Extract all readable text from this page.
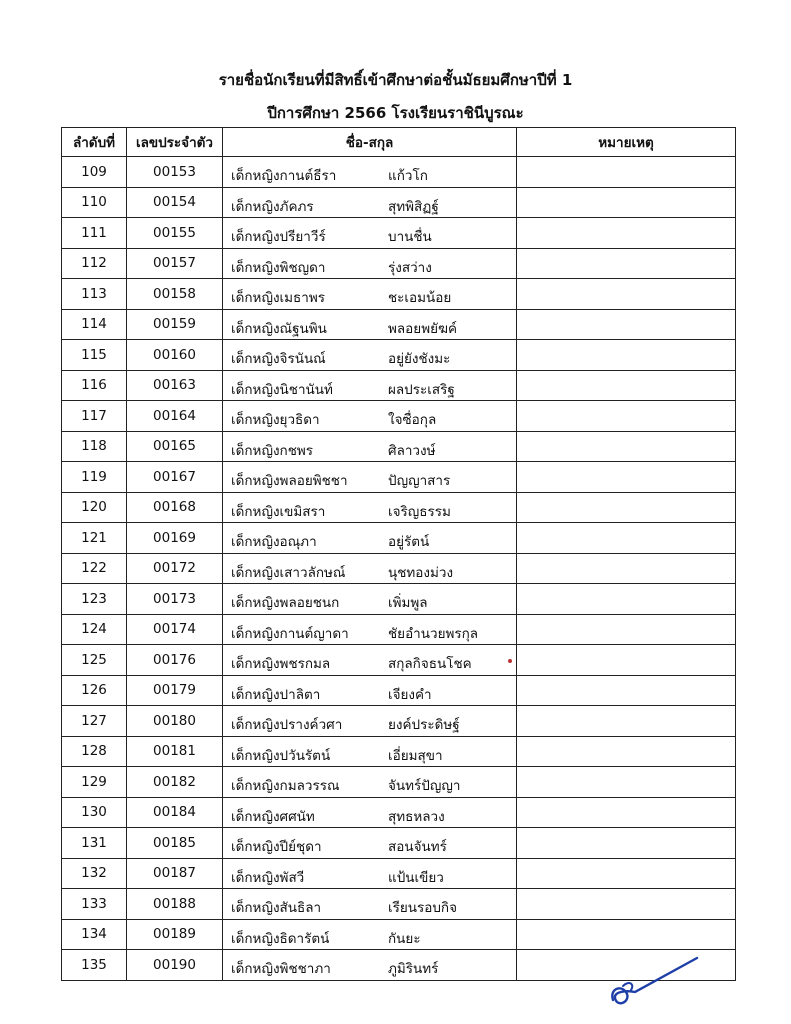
รายชื่อนักเรียนที่มีสิทธิ์เข้าศึกษาต่อชั้นมัธยมศึกษาปีที่ 1
ปีการศึกษา 2566 โรงเรียนราชินีบูรณะ
ลำดับที่	เลขประจำตัว	ชื่อ-สกุล	หมายเหตุ
109	00153	เด็กหญิงกานต์ธีรา แก้วโก	

110	00154	เด็กหญิงภัคภร สุทพิสิฏฐ์	

111	00155	เด็กหญิงปรียาวีร์ บานชื่น	

112	00157	เด็กหญิงพิชญดา รุ่งสว่าง	

113	00158	เด็กหญิงเมธาพร ชะเอมน้อย	

114	00159	เด็กหญิงณัฐนพิน พลอยพยัฆค์	

115	00160	เด็กหญิงจิรนันณ์ อยู่ยังชังมะ	

116	00163	เด็กหญิงนิชานันท์ ผลประเสริฐ	

117	00164	เด็กหญิงยุวธิดา ใจซื่อกุล	

118	00165	เด็กหญิงกชพร ศิลาวงษ์	

119	00167	เด็กหญิงพลอยพิชชา ปัญญาสาร	

120	00168	เด็กหญิงเขมิสรา เจริญธรรม	

121	00169	เด็กหญิงอณุภา อยู่รัตน์	

122	00172	เด็กหญิงเสาวลักษณ์ นุชทองม่วง	

123	00173	เด็กหญิงพลอยชนก เพิ่มพูล	

124	00174	เด็กหญิงกานต์ญาดา ชัยอำนวยพรกุล	

125	00176	เด็กหญิงพชรกมล สกุลกิจธนโชค	

126	00179	เด็กหญิงปาลิตา เจียงคำ	

127	00180	เด็กหญิงปรางค์วศา ยงค์ประดิษฐ์	

128	00181	เด็กหญิงปวันรัตน์ เอี่ยมสุขา	

129	00182	เด็กหญิงกมลวรรณ จันทร์ปัญญา	

130	00184	เด็กหญิงศศนัท สุทธหลวง	

131	00185	เด็กหญิงปีย์ชุดา สอนจันทร์	

132	00187	เด็กหญิงพัสวี แป้นเขียว	

133	00188	เด็กหญิงสันธิลา เรียนรอบกิจ	

134	00189	เด็กหญิงธิดารัตน์ กันยะ	

135	00190	เด็กหญิงพิชชาภา ภูมิรินทร์	
